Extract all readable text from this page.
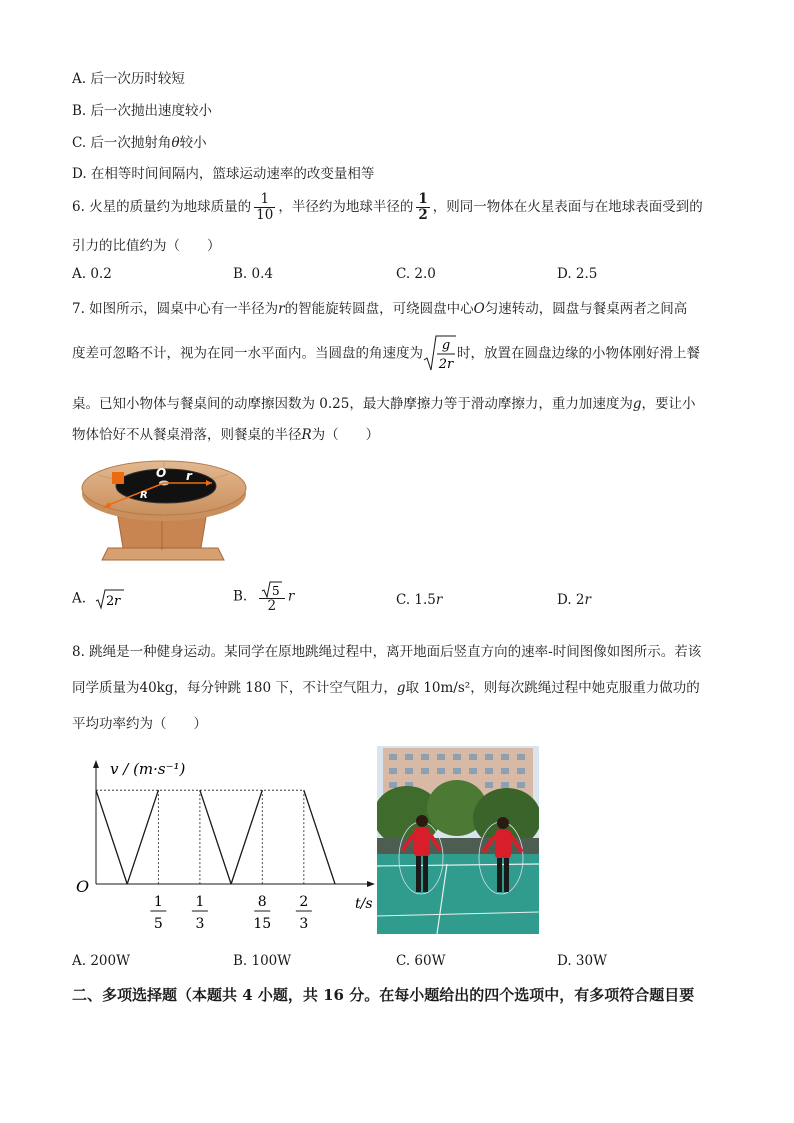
A. 后一次历时较短
B. 后一次抛出速度较小
C. 后一次抛射角θ较小
D. 在相等时间间隔内，篮球运动速率的改变量相等
6. 火星的质量约为地球质量的 $\frac{1}{10}$ ，半径约为地球半径的 $\frac{1}{2}$ ，则同一物体在火星表面与在地球表面受到的
引力的比值约为（　　）
A. 0.2	B. 0.4	C. 2.0	D. 2.5
7. 如图所示，圆桌中心有一半径为r的智能旋转圆盘，可绕圆盘中心O匀速转动，圆盘与餐桌两者之间高
度差可忽略不计，视为在同一水平面内。当圆盘的角速度为 g
2r
时，放置在圆盘边缘的小物体刚好滑上餐
桌。已知小物体与餐桌间的动摩擦因数为 0.25，最大静摩擦力等于滑动摩擦力，重力加速度为g，要让小
物体恰好不从餐桌滑落，则餐桌的半径R为（　　）
O r
R
A. 2 r	B. $\frac{5}{2}$ r	C. 1.5r	D. 2r
8. 跳绳是一种健身运动。某同学在原地跳绳过程中，离开地面后竖直方向的速率-时间图像如图所示。若该
同学质量为40kg，每分钟跳 180 下，不计空气阻力，g取 10m/s²，则每次跳绳过程中她克服重力做功的
平均功率约为（　　）
v / (m·s⁻¹)
t/s
O
1
5
1
3
8
15
2
3
A. 200W	B. 100W	C. 60W	D. 30W
二、多项选择题（本题共 4 小题，共 16 分。在每小题给出的四个选项中，有多项符合题目要
